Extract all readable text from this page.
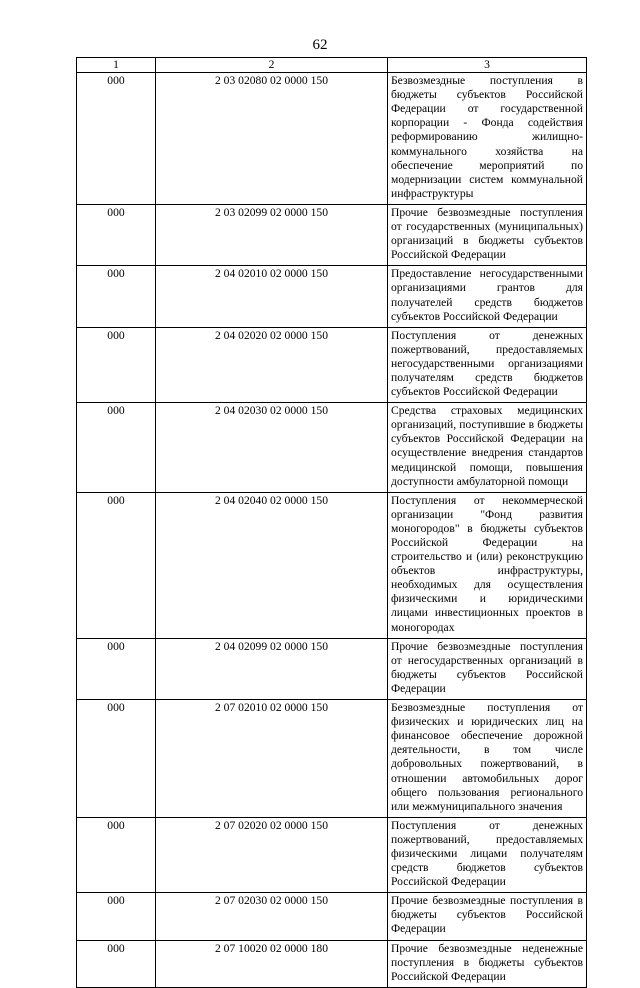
62
1	2	3
000	2 03 02080 02 0000 150	Безвозмездные поступления в бюджеты субъектов Российской Федерации от государственной корпорации - Фонда содействия реформированию жилищно-коммунального хозяйства на обеспечение мероприятий по модернизации систем коммунальной инфраструктуры
000	2 03 02099 02 0000 150	Прочие безвозмездные поступления от государственных (муниципальных) организаций в бюджеты субъектов Российской Федерации
000	2 04 02010 02 0000 150	Предоставление негосударственными организациями грантов для получателей средств бюджетов субъектов Российской Федерации
000	2 04 02020 02 0000 150	Поступления от денежных пожертвований, предоставляемых негосударственными организациями получателям средств бюджетов субъектов Российской Федерации
000	2 04 02030 02 0000 150	Средства страховых медицинских организаций, поступившие в бюджеты субъектов Российской Федерации на осуществление внедрения стандартов медицинской помощи, повышения доступности амбулаторной помощи
000	2 04 02040 02 0000 150	Поступления от некоммерческой организации "Фонд развития моногородов" в бюджеты субъектов Российской Федерации на строительство и (или) реконструкцию объектов инфраструктуры, необходимых для осуществления физическими и юридическими лицами инвестиционных проектов в моногородах
000	2 04 02099 02 0000 150	Прочие безвозмездные поступления от негосударственных организаций в бюджеты субъектов Российской Федерации
000	2 07 02010 02 0000 150	Безвозмездные поступления от физических и юридических лиц на финансовое обеспечение дорожной деятельности, в том числе добровольных пожертвований, в отношении автомобильных дорог общего пользования регионального или межмуниципального значения
000	2 07 02020 02 0000 150	Поступления от денежных пожертвований, предоставляемых физическими лицами получателям средств бюджетов субъектов Российской Федерации
000	2 07 02030 02 0000 150	Прочие безвозмездные поступления в бюджеты субъектов Российской Федерации
000	2 07 10020 02 0000 180	Прочие безвозмездные неденежные поступления в бюджеты субъектов Российской Федерации
